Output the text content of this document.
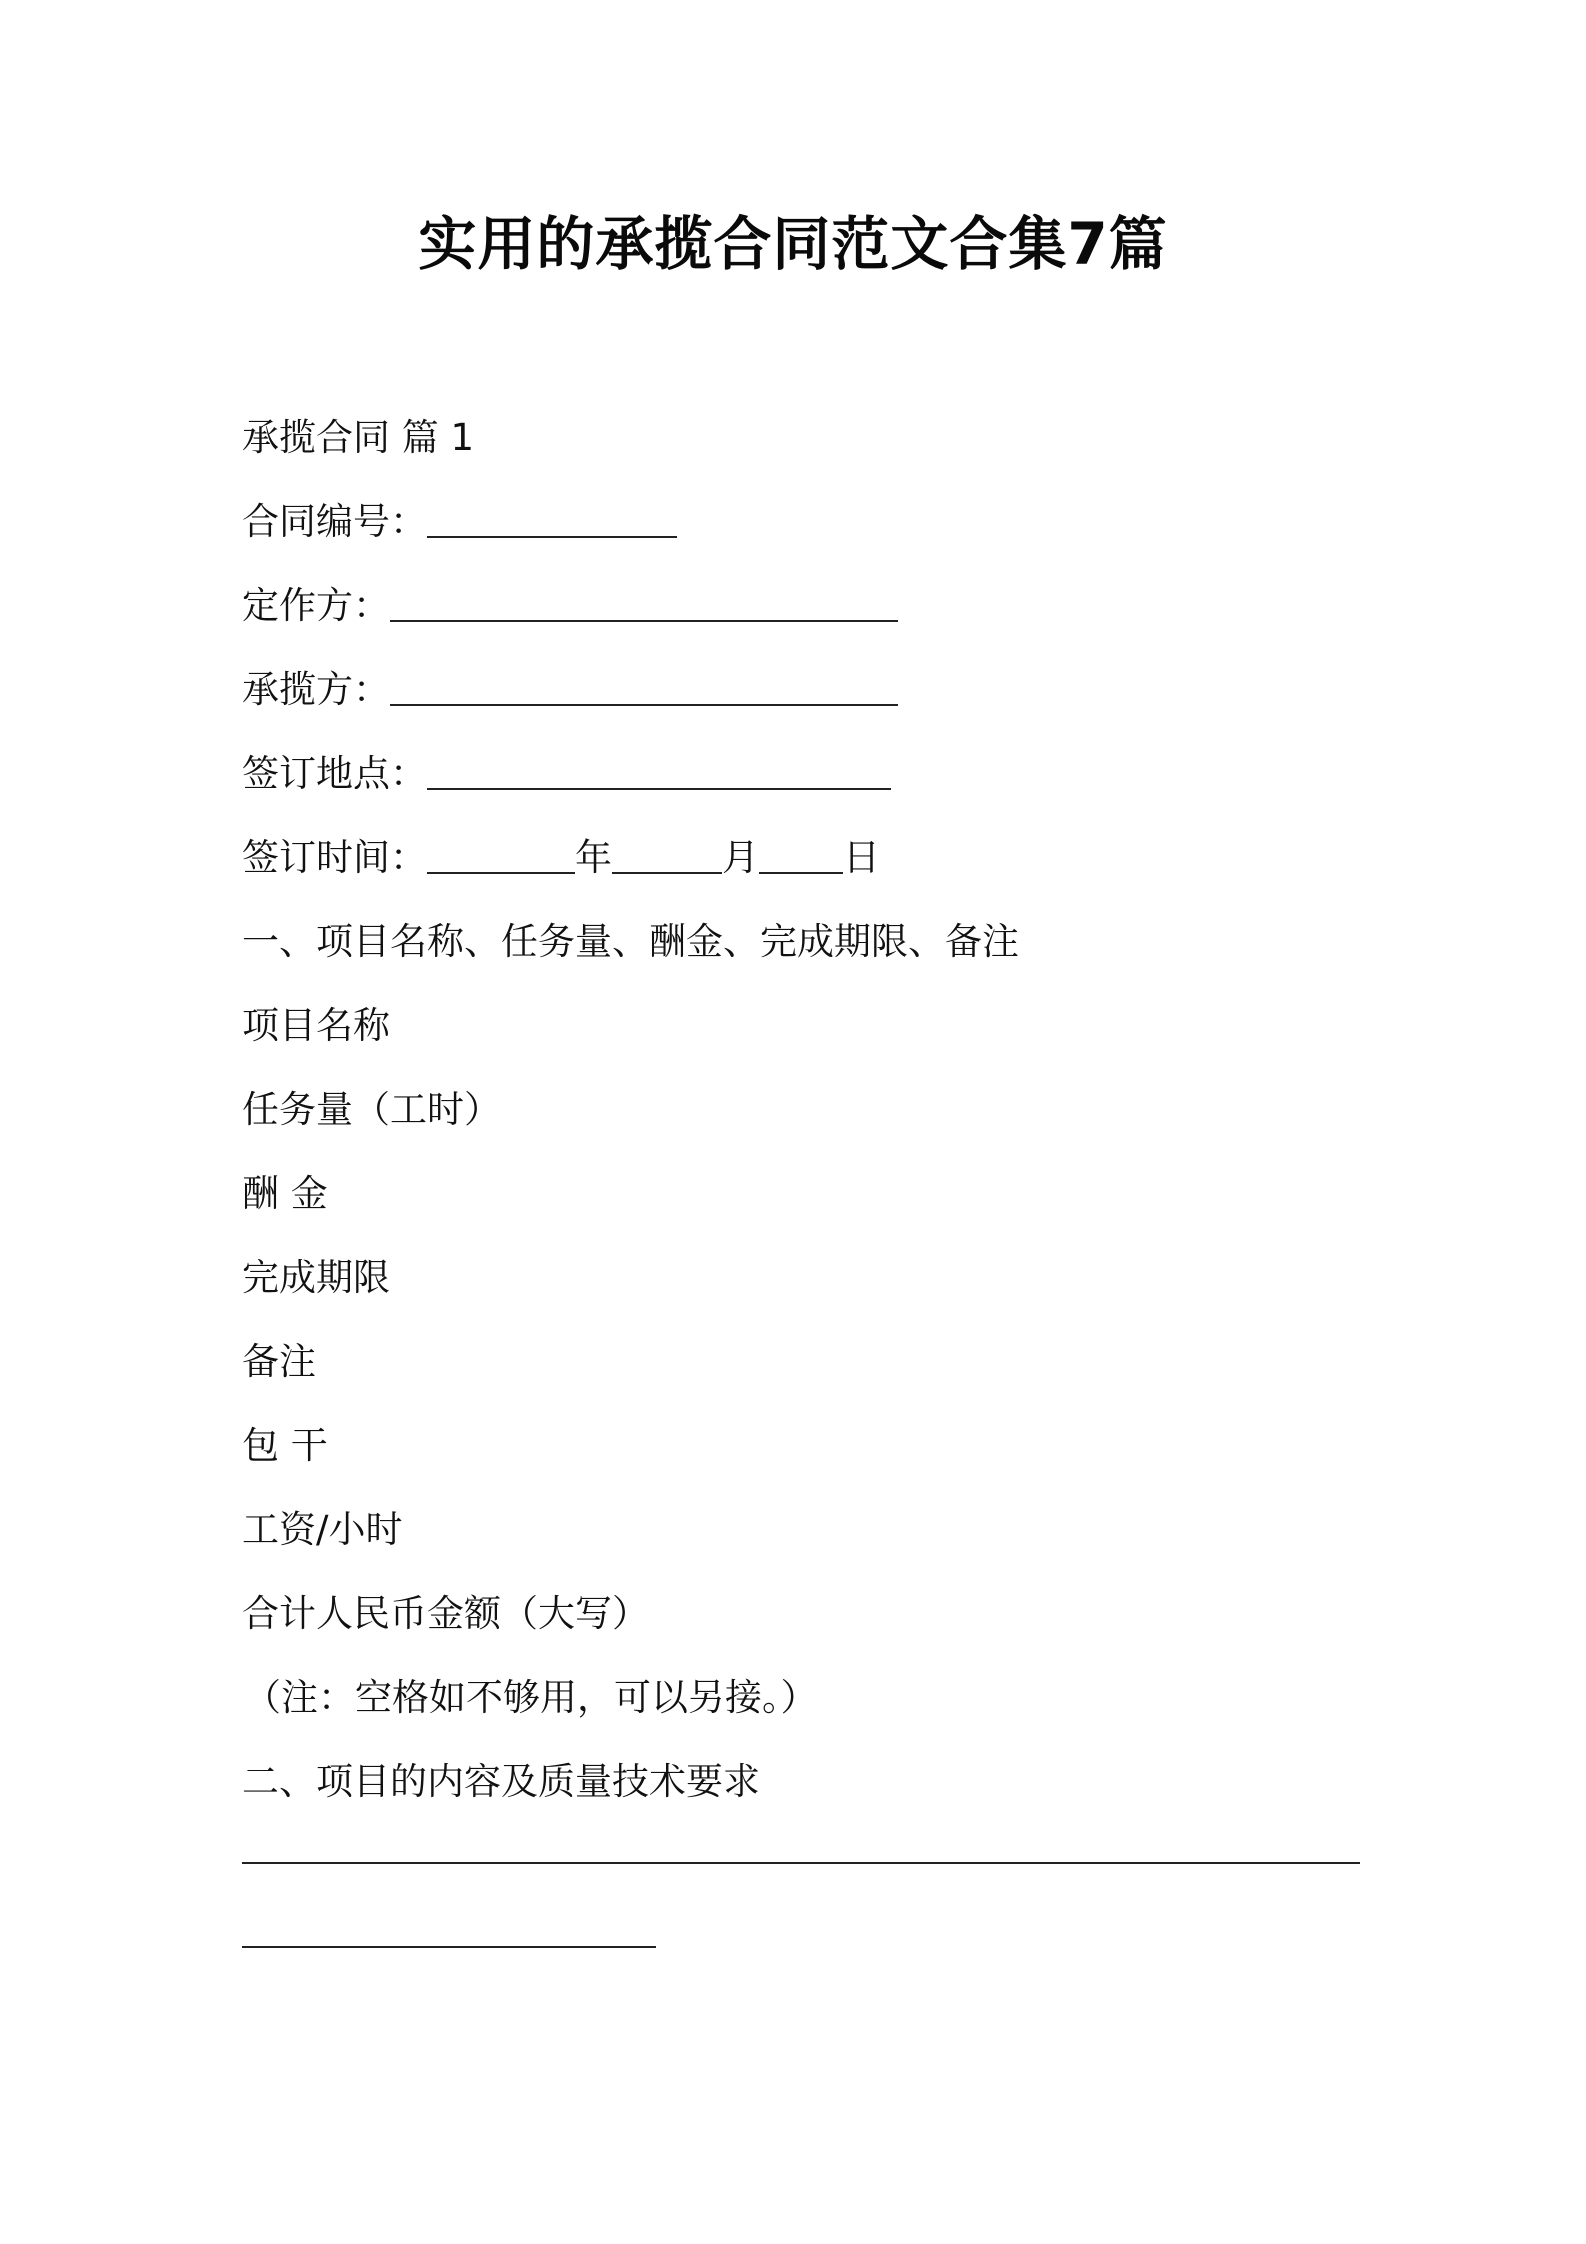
实用的承揽合同范文合集7篇
承揽合同 篇 1
合同编号：
定作方：
承揽方：
签订地点：
签订时间：	年	月 日
一、项目名称、任务量、酬金、完成期限、备注
项目名称
任务量（工时）
酬 金
完成期限
备注
包 干
工资/小时
合计人民币金额（大写）
（注：空格如不够用，可以另接。）
二、项目的内容及质量技术要求
